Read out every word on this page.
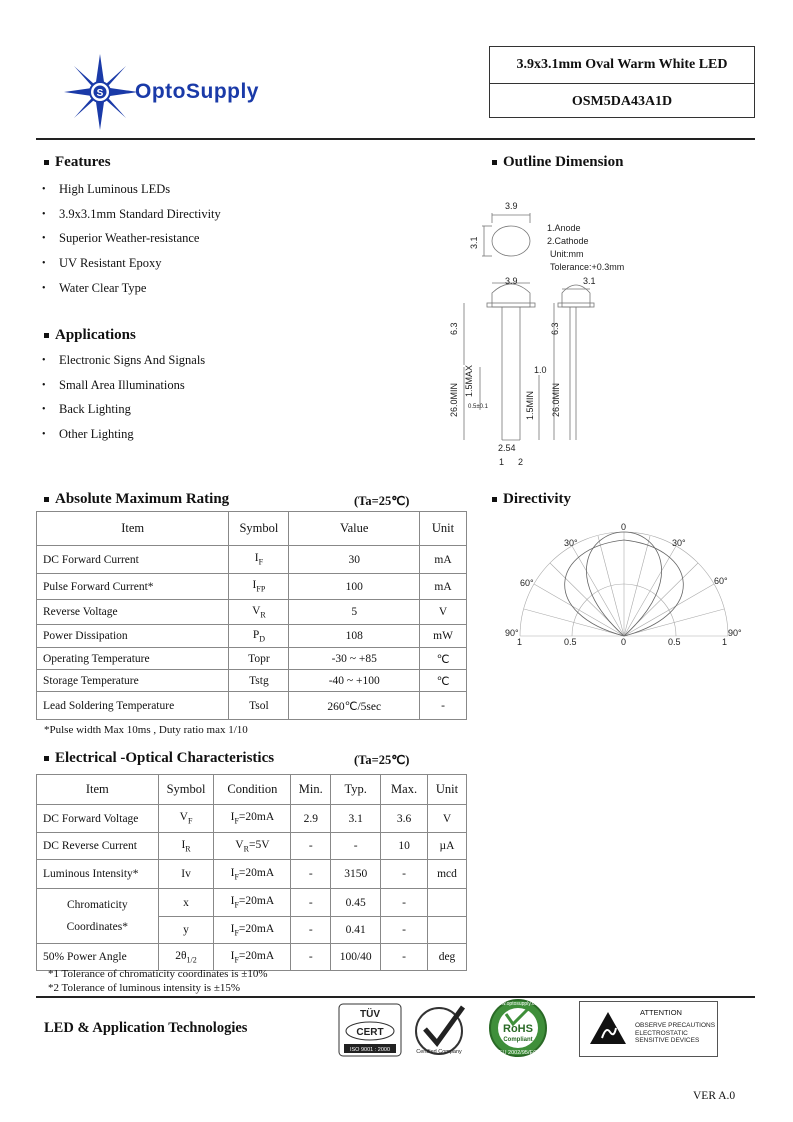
S OptoSupply
3.9x3.1mm Oval Warm White LED
OSM5DA43A1D
Features
•	High Luminous LEDs
•	3.9x3.1mm Standard Directivity
•	Superior Weather-resistance
•	UV Resistant Epoxy
•	Water Clear Type
Applications
•	Electronic Signs And Signals
•	Small Area Illuminations
•	Back Lighting
•	Other Lighting
Outline Dimension
3.9
3.1
1.Anode
2.Cathode
Unit:mm
Tolerance:+0.3mm
3.9	3.1
6.3	6.3
26.0MIN	26.0MIN
1.5MAX
0.5±0.1
1.0
1.5MIN
2.54
1 2
Absolute Maximum Rating	(Ta=25℃)
Item	Symbol	Value	Unit
DC Forward Current	$I_F$	30	mA
Pulse Forward Current*	$I_{FP}$	100	mA
Reverse Voltage	$V_R$	5	V
Power Dissipation	$P_D$	108	mW
Operating Temperature	Topr	-30 ~ +85	℃
Storage Temperature	Tstg	-40 ~ +100	℃
Lead Soldering Temperature	Tsol	260℃/5sec	-
*Pulse width Max 10ms , Duty ratio max 1/10
Directivity
0
30°	30°
60°	60°
90°	90°
1	0.5	0	0.5	1
Electrical -Optical Characteristics	(Ta=25℃)
Item	Symbol	Condition	Min.	Typ.	Max.	Unit
DC Forward Voltage	$V_F$	$I_F=20mA$	2.9	3.1	3.6	V
DC Reverse Current	$I_R$	$V_R=5V$	-	-	10	µA
Luminous Intensity*	Iv	$I_F=20mA$	-	3150	-	mcd
Chromaticity Coordinates*	x	$I_F=20mA$	-	0.45	-	
	y	$I_F=20mA$	-	0.41	-	
50% Power Angle	$2\theta_{1/2}$	$I_F=20mA$	-	100/40	-	deg
*1 Tolerance of chromaticity coordinates is ±10%
*2 Tolerance of luminous intensity is ±15%
LED & Application Technologies
TÜV
CERT
ISO 9001 : 2000	Certified Company
RoHS
Compliant
www.optosupply.com
EU 2002/95/EC
ATTENTION
OBSERVE PRECAUTIONS
ELECTROSTATIC
SENSITIVE DEVICES
VER A.0
